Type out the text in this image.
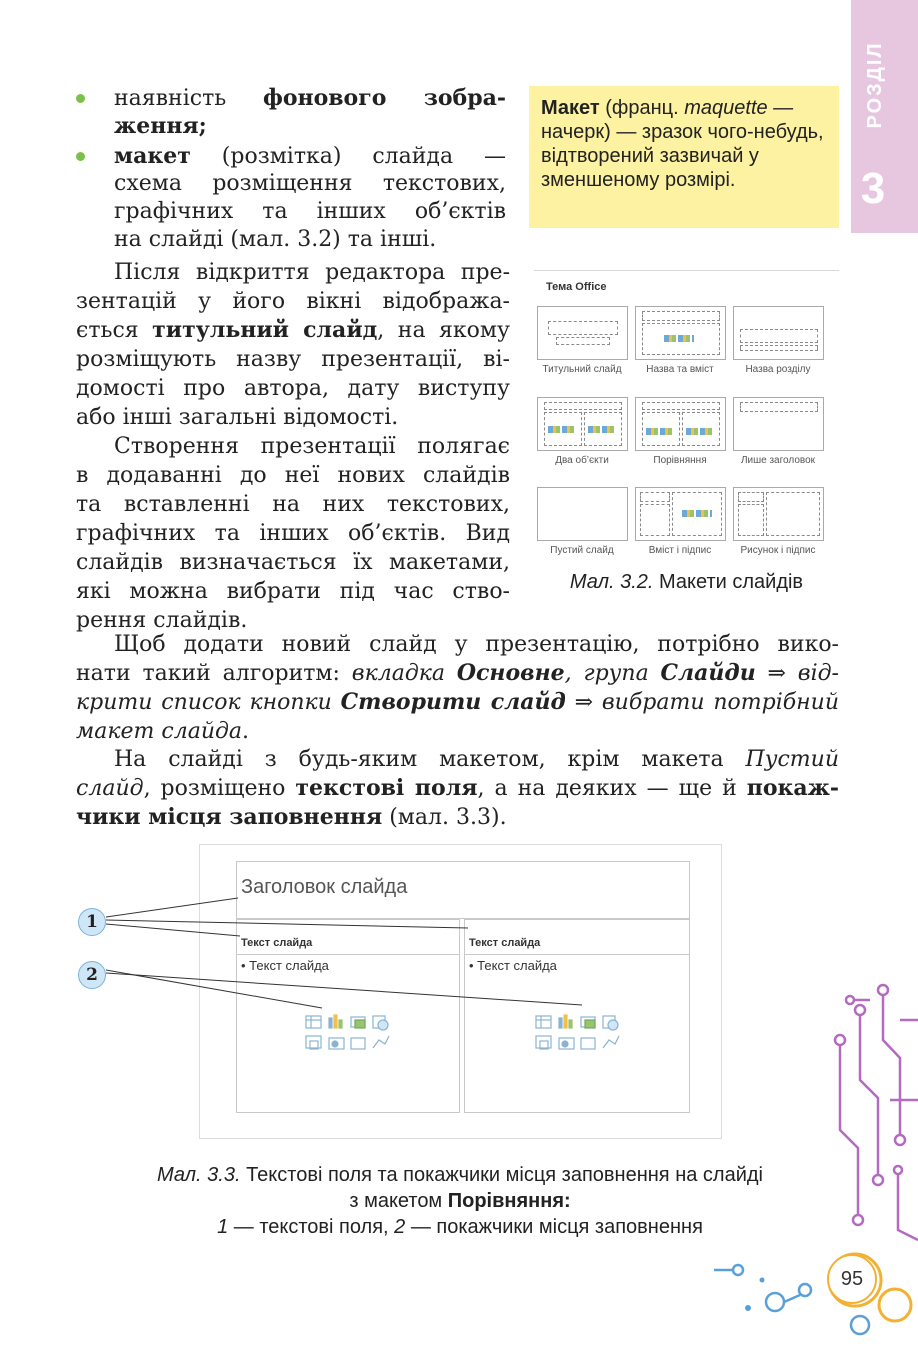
РОЗДІЛ
3
наявність фонового зобра-
ження;
макет (розмітка) слайда —
схема розміщення текстових,
графічних та інших об’єктів
на слайді (мал. 3.2) та інші.
Макет (франц. maquette — начерк) — зразок чого-небудь, відтворений зазвичай у зменшеному розмірі.
Після відкриття редактора пре-
зентацій у його вікні відобража-
ється титульний слайд, на якому
розміщують назву презентації, ві-
домості про автора, дату виступу
або інші загальні відомості.
Створення презентації полягає
в додаванні до неї нових слайдів
та вставленні на них текстових,
графічних та інших об’єктів. Вид
слайдів визначається їх макетами,
які можна вибрати під час ство-
рення слайдів.
Тема Office
Титульний слайд	Назва та вміст	Назва розділу
Два об’єкти	Порівняння	Лише заголовок
Пустий слайд	Вміст і підпис	Рисунок і підпис
Мал. 3.2. Макети слайдів
Щоб додати новий слайд у презентацію, потрібно вико-
нати такий алгоритм: вкладка Основне, група Слайди ⇒ від-
крити список кнопки Створити слайд ⇒ вибрати потрібний
макет слайда.
На слайді з будь-яким макетом, крім макета Пустий
слайд, розміщено текстові поля, а на деяких — ще й покаж-
чики місця заповнення (мал. 3.3).
Заголовок слайда
Текст слайда
• Текст слайда
Текст слайда
• Текст слайда
1
2
Мал. 3.3. Текстові поля та покажчики місця заповнення на слайді
з макетом Порівняння:
1 — текстові поля, 2 — покажчики місця заповнення
95
